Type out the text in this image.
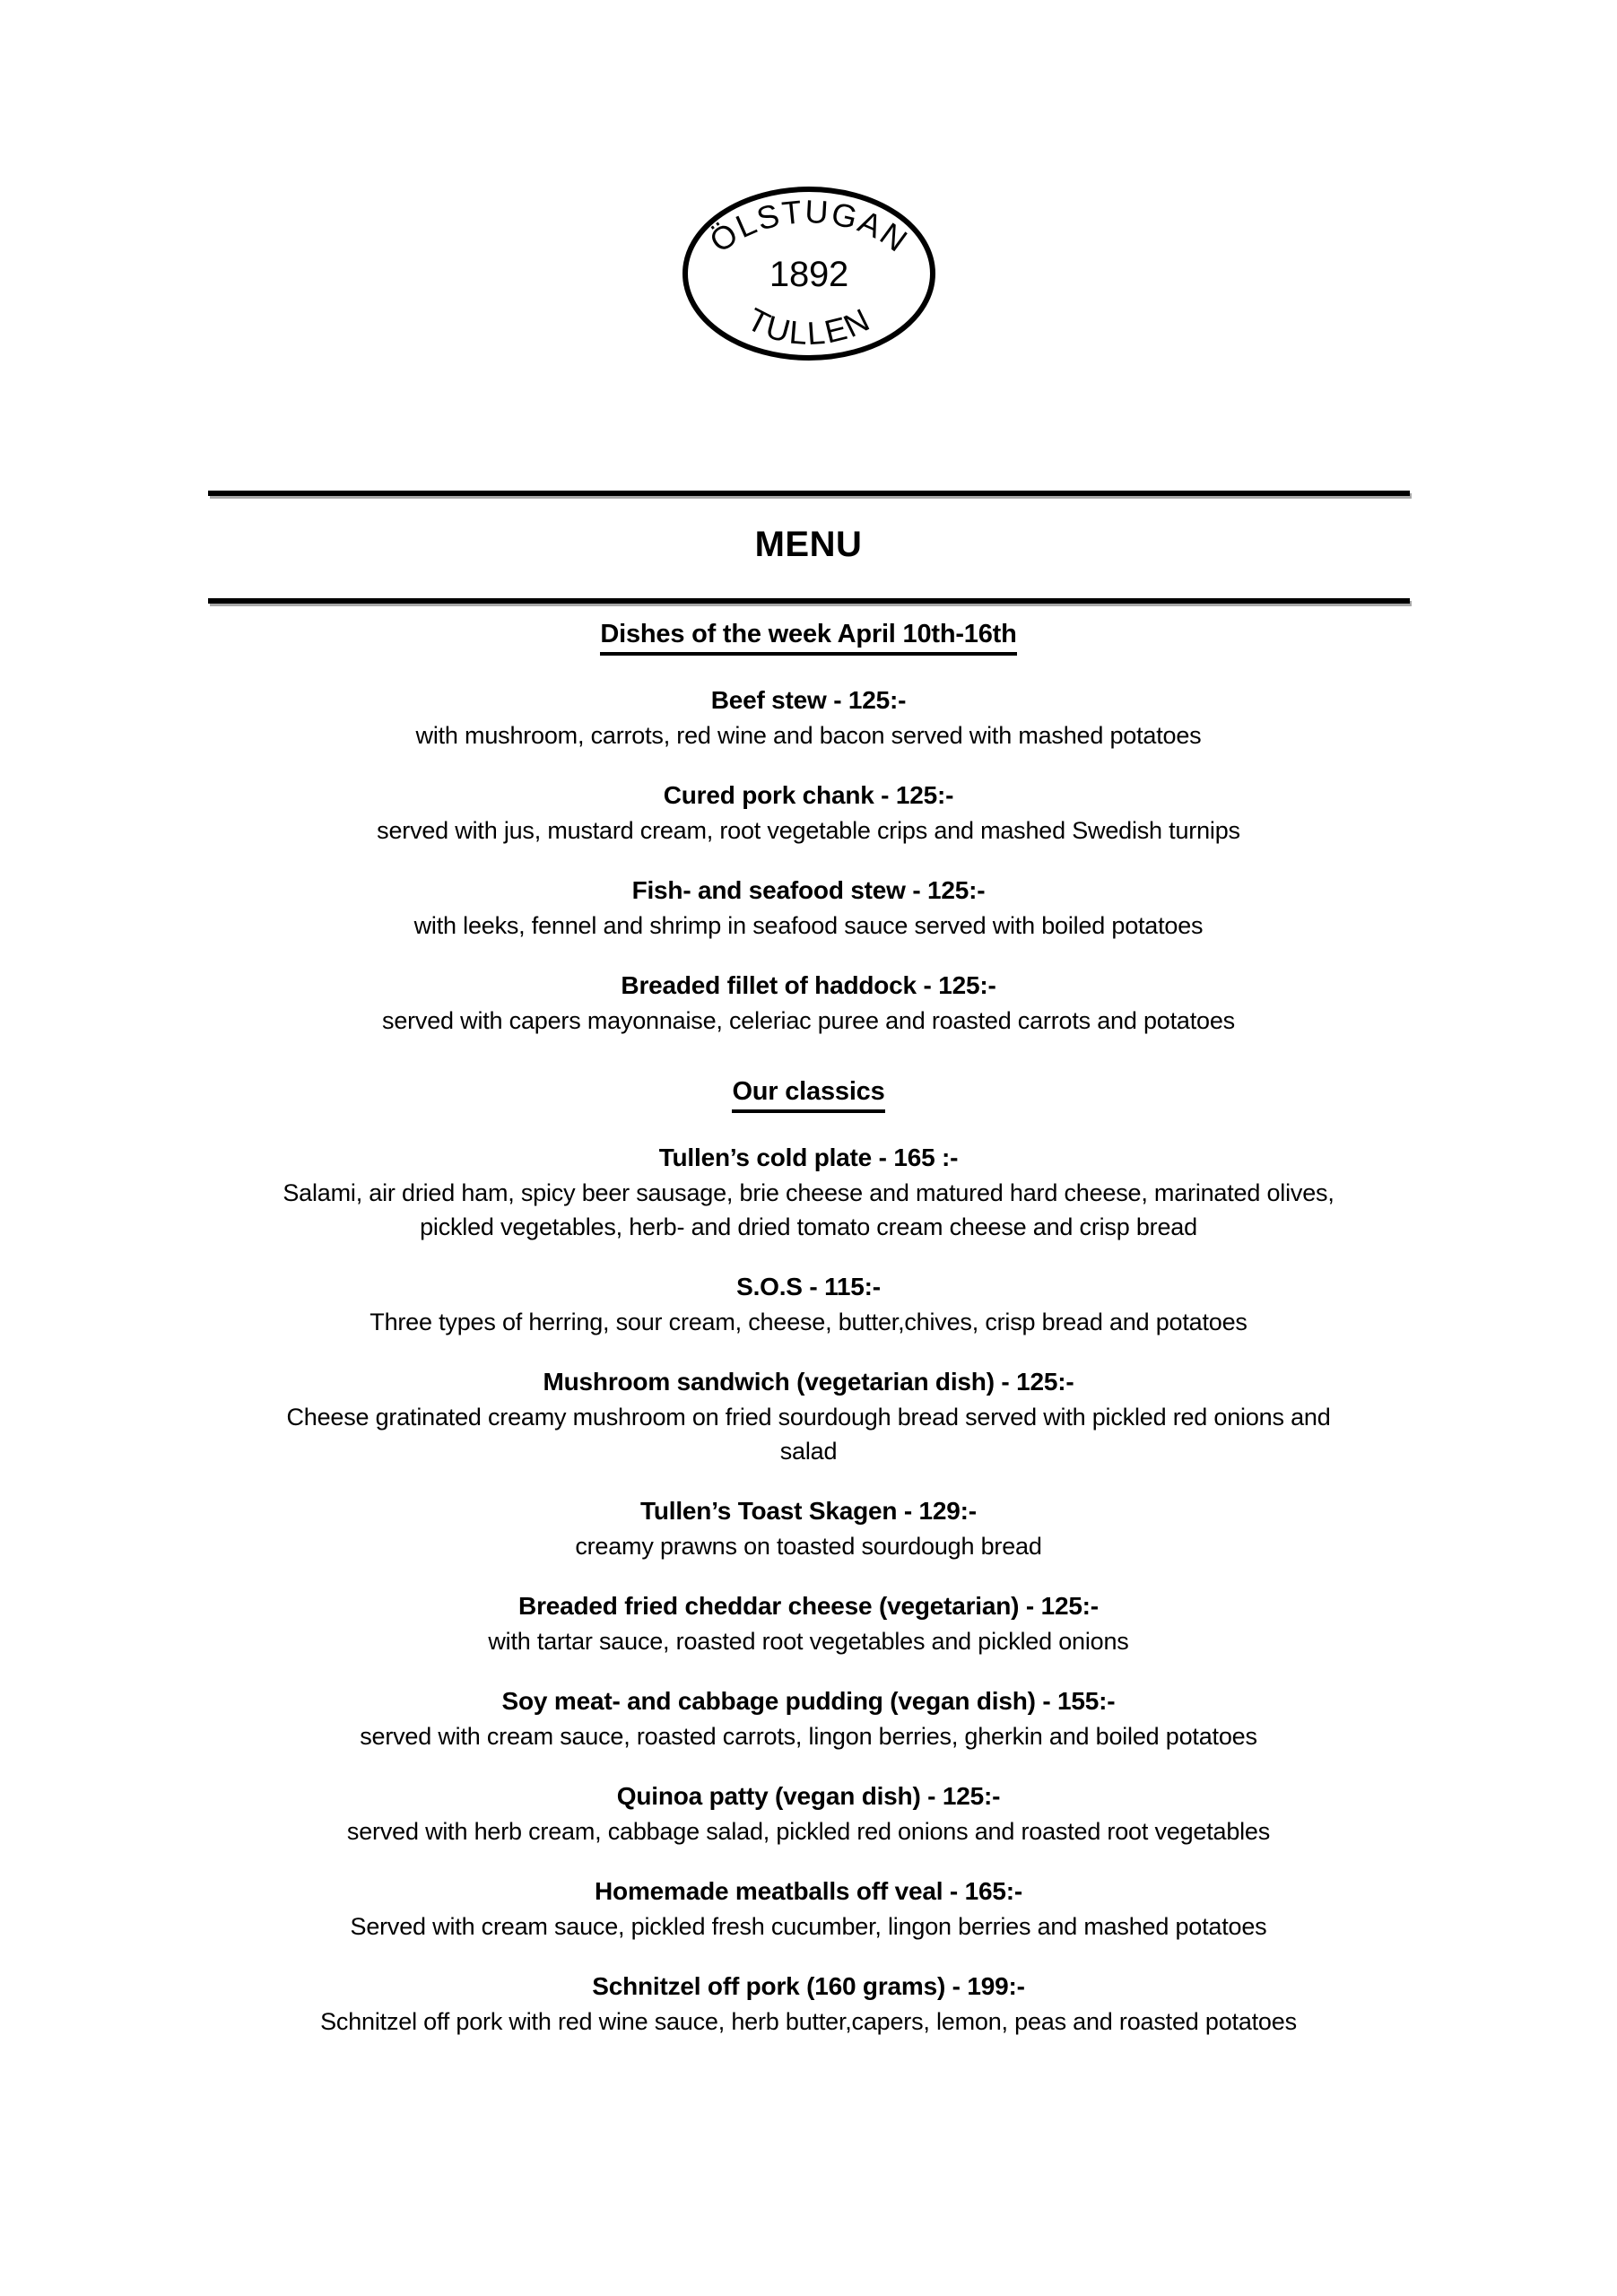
ÖLSTUGAN
1892
TULLEN
MENU
Dishes of the week April 10th-16th
Beef stew - 125:-
with mushroom, carrots, red wine and bacon served with mashed potatoes
Cured pork chank - 125:-
served with jus, mustard cream, root vegetable crips and mashed Swedish turnips
Fish- and seafood stew - 125:-
with leeks, fennel and shrimp in seafood sauce served with boiled potatoes
Breaded fillet of haddock - 125:-
served with capers mayonnaise, celeriac puree and roasted carrots and potatoes
Our classics
Tullen’s cold plate - 165 :-
Salami, air dried ham, spicy beer sausage, brie cheese and matured hard cheese, marinated olives, pickled vegetables, herb- and dried tomato cream cheese and crisp bread
S.O.S - 115:-
Three types of herring, sour cream, cheese, butter,chives, crisp bread and potatoes
Mushroom sandwich (vegetarian dish) - 125:-
Cheese gratinated creamy mushroom on fried sourdough bread served with pickled red onions and salad
Tullen’s Toast Skagen - 129:-
creamy prawns on toasted sourdough bread
Breaded fried cheddar cheese (vegetarian) - 125:-
with tartar sauce, roasted root vegetables and pickled onions
Soy meat- and cabbage pudding (vegan dish) - 155:-
served with cream sauce, roasted carrots, lingon berries, gherkin and boiled potatoes
Quinoa patty (vegan dish) - 125:-
served with herb cream, cabbage salad, pickled red onions and roasted root vegetables
Homemade meatballs off veal - 165:-
Served with cream sauce, pickled fresh cucumber, lingon berries and mashed potatoes
Schnitzel off pork (160 grams) - 199:-
Schnitzel off pork with red wine sauce, herb butter,capers, lemon, peas and roasted potatoes
